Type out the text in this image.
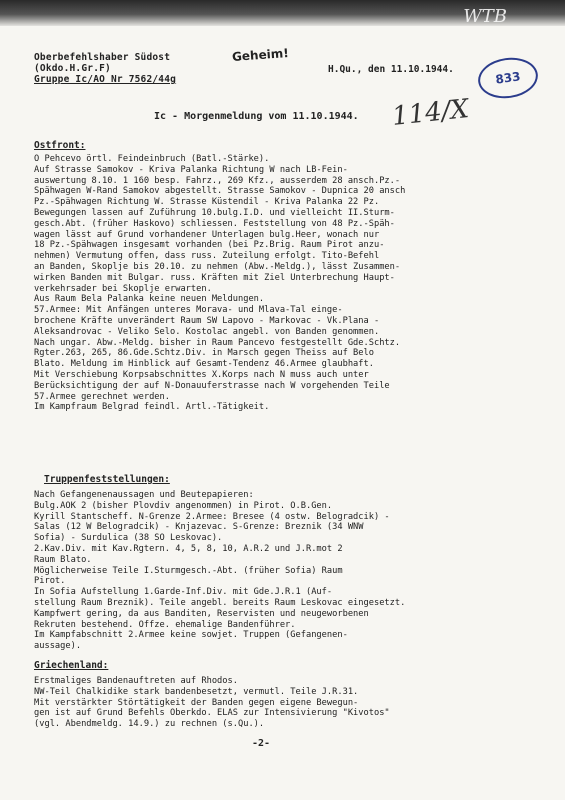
WTB
Oberbefehlshaber Südost
(Okdo.H.Gr.F)
Gruppe Ic/AO Nr 7562/44g
Geheim!
H.Qu., den 11.10.1944.	833
Ic - Morgenmeldung vom 11.10.1944. 114/X
Ostfront:
O Pehcevo örtl. Feindeinbruch (Batl.-Stärke).
Auf Strasse Samokov - Kriva Palanka Richtung W nach LB-Fein-
auswertung 8.10. 1 160 besp. Fahrz., 269 Kfz., ausserdem 28 ansch.Pz.-
Spähwagen W-Rand Samokov abgestellt. Strasse Samokov - Dupnica 20 ansch
Pz.-Spähwagen Richtung W. Strasse Küstendil - Kriva Palanka 22 Pz.
Bewegungen lassen auf Zuführung 10.bulg.I.D. und vielleicht II.Sturm-
gesch.Abt. (früher Haskovo) schliessen. Feststellung von 48 Pz.-Späh-
wagen lässt auf Grund vorhandener Unterlagen bulg.Heer, wonach nur
18 Pz.-Spähwagen insgesamt vorhanden (bei Pz.Brig. Raum Pirot anzu-
nehmen) Vermutung offen, dass russ. Zuteilung erfolgt. Tito-Befehl
an Banden, Skoplje bis 20.10. zu nehmen (Abw.-Meldg.), lässt Zusammen-
wirken Banden mit Bulgar. russ. Kräften mit Ziel Unterbrechung Haupt-
verkehrsader bei Skoplje erwarten.
Aus Raum Bela Palanka keine neuen Meldungen.
57.Armee: Mit Anfängen unteres Morava- und Mlava-Tal einge-
brochene Kräfte unverändert Raum SW Lapovo - Markovac - Vk.Plana -
Aleksandrovac - Veliko Selo. Kostolac angebl. von Banden genommen.
Nach ungar. Abw.-Meldg. bisher in Raum Pancevo festgestellt Gde.Schtz.
Rgter.263, 265, 86.Gde.Schtz.Div. in Marsch gegen Theiss auf Belo
Blato. Meldung im Hinblick auf Gesamt-Tendenz 46.Armee glaubhaft.
Mit Verschiebung Korpsabschnittes X.Korps nach N muss auch unter
Berücksichtigung der auf N-Donauuferstrasse nach W vorgehenden Teile
57.Armee gerechnet werden.
Im Kampfraum Belgrad feindl. Artl.-Tätigkeit.
Truppenfeststellungen:
Nach Gefangenenaussagen und Beutepapieren:
Bulg.AOK 2 (bisher Plovdiv angenommen) in Pirot. O.B.Gen.
Kyrill Stantscheff. N-Grenze 2.Armee: Bresee (4 ostw. Belogradcik) -
Salas (12 W Belogradcik) - Knjazevac. S-Grenze: Breznik (34 WNW
Sofia) - Surdulica (38 SO Leskovac).
2.Kav.Div. mit Kav.Rgtern. 4, 5, 8, 10, A.R.2 und J.R.mot 2
Raum Blato.
Möglicherweise Teile I.Sturmgesch.-Abt. (früher Sofia) Raum
Pirot.
In Sofia Aufstellung 1.Garde-Inf.Div. mit Gde.J.R.1 (Auf-
stellung Raum Breznik). Teile angebl. bereits Raum Leskovac eingesetzt.
Kampfwert gering, da aus Banditen, Reservisten und neugeworbenen
Rekruten bestehend. Offze. ehemalige Bandenführer.
Im Kampfabschnitt 2.Armee keine sowjet. Truppen (Gefangenen-
aussage).
Griechenland:
Erstmaliges Bandenauftreten auf Rhodos.
NW-Teil Chalkidike stark bandenbesetzt, vermutl. Teile J.R.31.
Mit verstärkter Störtätigkeit der Banden gegen eigene Bewegun-
gen ist auf Grund Befehls Oberkdo. ELAS zur Intensivierung "Kivotos"
(vgl. Abendmeldg. 14.9.) zu rechnen (s.Qu.).
-2-
